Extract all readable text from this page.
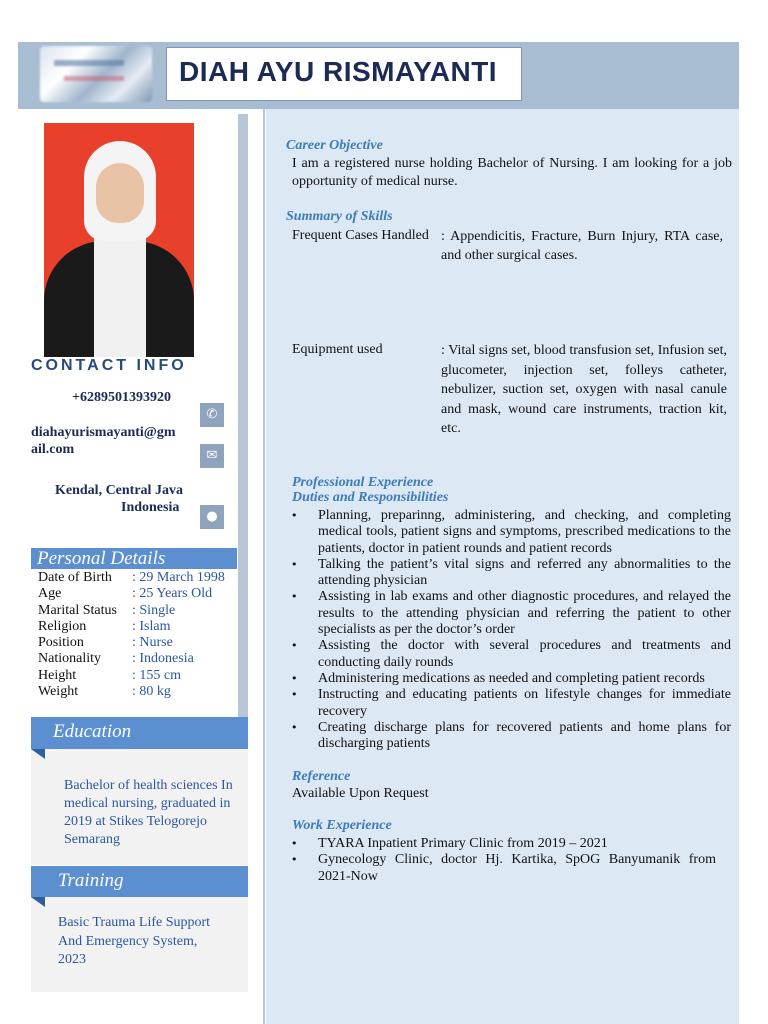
DIAH AYU RISMAYANTI
CONTACT INFO
+6289501393920
✆
diahayurismayanti@gmail.com	✉
Kendal, Central Java
Indonesia
●
Personal Details
Date of Birth	: 29 March 1998
Age	: 25 Years Old
Marital Status	: Single
Religion	: Islam
Position	: Nurse
Nationality	: Indonesia
Height	: 155 cm
Weight	: 80 kg
Education
Bachelor of health sciences In medical nursing, graduated in 2019 at Stikes Telogorejo Semarang
Training
Basic Trauma Life Support And Emergency System, 2023
Career Objective
I am a registered nurse holding Bachelor of Nursing. I am looking for a job opportunity of medical nurse.
Summary of Skills
Frequent Cases Handled : Appendicitis, Fracture, Burn Injury, RTA case, and other surgical cases.
Equipment used	: Vital signs set, blood transfusion set, Infusion set, glucometer, injection set, folleys catheter, nebulizer, suction set, oxygen with nasal canule and mask, wound care instruments, traction kit, etc.
Professional Experience
Duties and Responsibilities
• Planning, preparinng, administering, and checking, and completing medical tools, patient signs and symptoms, prescribed medications to the patients, doctor in patient rounds and patient records
• Talking the patient’s vital signs and referred any abnormalities to the attending physician
• Assisting in lab exams and other diagnostic procedures, and relayed the results to the attending physician and referring the patient to other specialists as per the doctor’s order
• Assisting the doctor with several procedures and treatments and conducting daily rounds
• Administering medications as needed and completing patient records
• Instructing and educating patients on lifestyle changes for immediate recovery
• Creating discharge plans for recovered patients and home plans for discharging patients
Reference
Available Upon Request
Work Experience
• TYARA Inpatient Primary Clinic from 2019 – 2021
• Gynecology Clinic, doctor Hj. Kartika, SpOG Banyumanik from 2021-Now
